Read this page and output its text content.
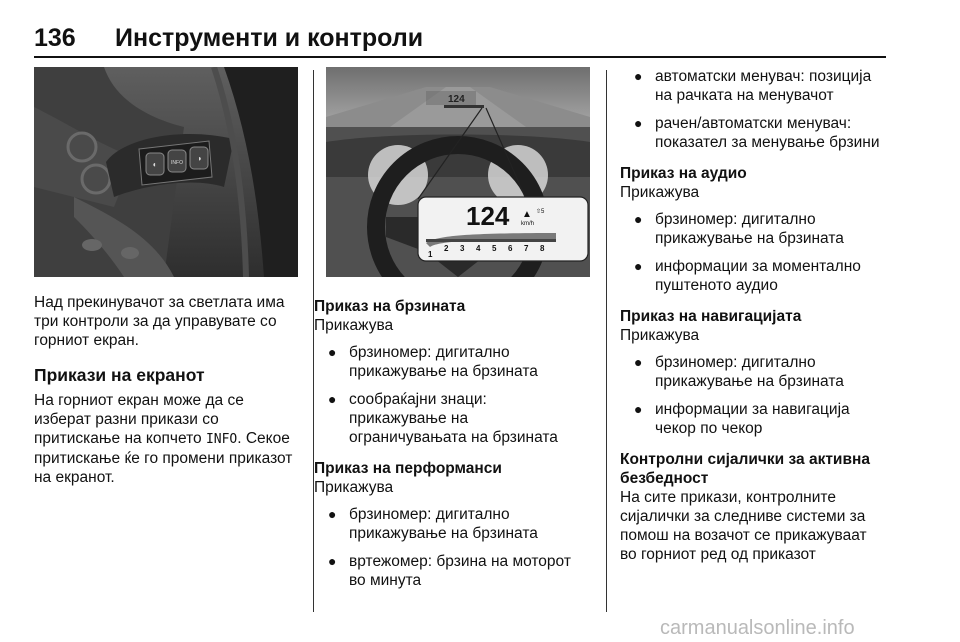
136 Инструменти и контроли
◐	INFO ◑
124
124 ▲
km/h
⇧5
1
2 3 4 5 6 7 8

Над прекинувачот за светлата има

три контроли за да управувате со

горниот екран.

Прикази на екранот

На горниот екран може да се

изберат разни прикази со

притискање на копчето INFO. Секое

притискање ќе го промени приказот

на екранот.

Приказ на брзината

Прикажува

● брзиномер: дигитално
прикажување на брзината
● сообраќајни знаци:
прикажување на
ограничувањата на брзината

Приказ на перформанси

Прикажува

● брзиномер: дигитално
прикажување на брзината
● вртежомер: брзина на моторот
во минута
● автоматски менувач: позиција
на рачката на менувачот
● рачен/автоматски менувач:
показател за менување брзини

Приказ на аудио

Прикажува

● брзиномер: дигитално
прикажување на брзината
● информации за моментално
пуштеното аудио

Приказ на навигацијата

Прикажува

● брзиномер: дигитално
прикажување на брзината
● информации за навигација
чекор по чекор

Контролни сијалички за активна

безбедност

На сите прикази, контролните

сијалички за следниве системи за

помош на возачот се прикажуваат

во горниот ред од приказот

carmanualsonline.info
